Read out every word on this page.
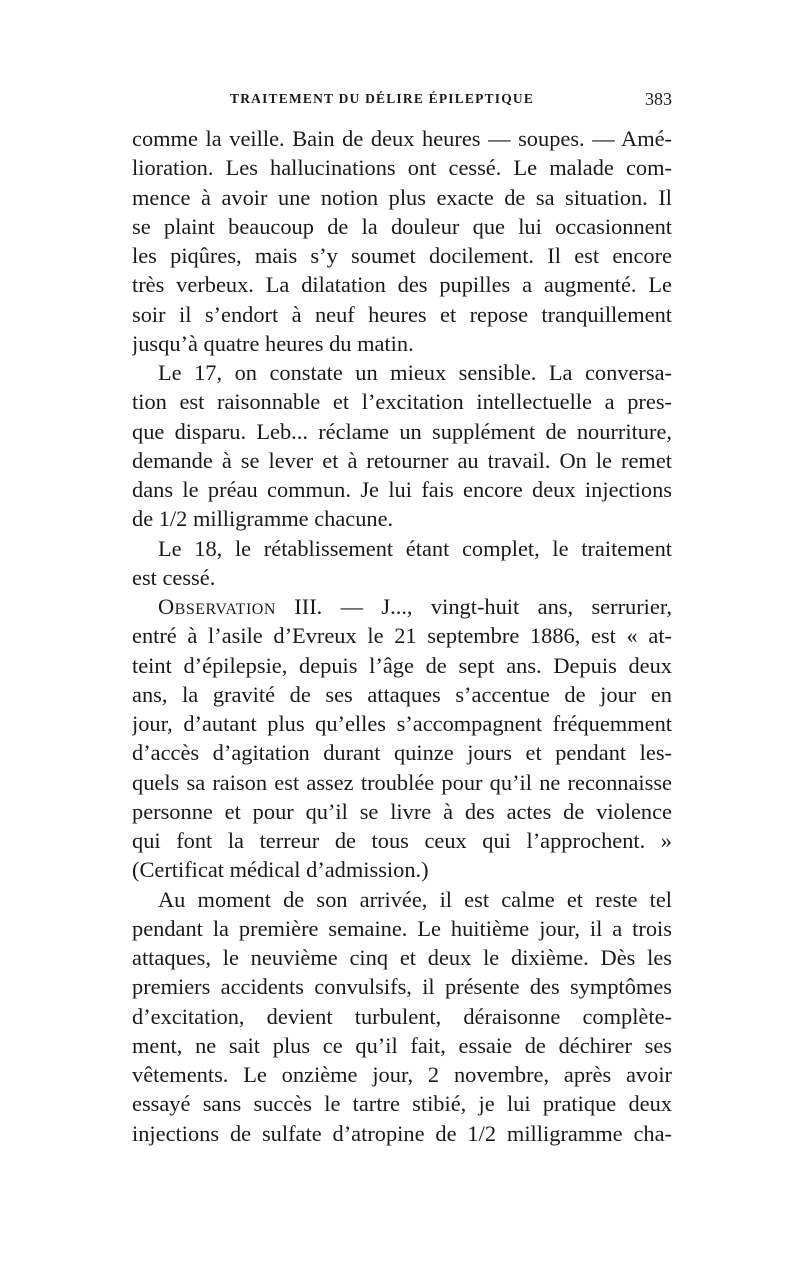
TRAITEMENT DU DÉLIRE ÉPILEPTIQUE	383
comme la veille. Bain de deux heures — soupes. — Amé-
lioration. Les hallucinations ont cessé. Le malade com-
mence à avoir une notion plus exacte de sa situation. Il
se plaint beaucoup de la douleur que lui occasionnent
les piqûres, mais s’y soumet docilement. Il est encore
très verbeux. La dilatation des pupilles a augmenté. Le
soir il s’endort à neuf heures et repose tranquillement
jusqu’à quatre heures du matin.
Le 17, on constate un mieux sensible. La conversa-
tion est raisonnable et l’excitation intellectuelle a pres-
que disparu. Leb... réclame un supplément de nourriture,
demande à se lever et à retourner au travail. On le remet
dans le préau commun. Je lui fais encore deux injections
de 1/2 milligramme chacune.
Le 18, le rétablissement étant complet, le traitement
est cessé.
Observation III. — J..., vingt-huit ans, serrurier,
entré à l’asile d’Evreux le 21 septembre 1886, est « at-
teint d’épilepsie, depuis l’âge de sept ans. Depuis deux
ans, la gravité de ses attaques s’accentue de jour en
jour, d’autant plus qu’elles s’accompagnent fréquemment
d’accès d’agitation durant quinze jours et pendant les-
quels sa raison est assez troublée pour qu’il ne reconnaisse
personne et pour qu’il se livre à des actes de violence
qui font la terreur de tous ceux qui l’approchent. »
(Certificat médical d’admission.)
Au moment de son arrivée, il est calme et reste tel
pendant la première semaine. Le huitième jour, il a trois
attaques, le neuvième cinq et deux le dixième. Dès les
premiers accidents convulsifs, il présente des symptômes
d’excitation, devient turbulent, déraisonne complète-
ment, ne sait plus ce qu’il fait, essaie de déchirer ses
vêtements. Le onzième jour, 2 novembre, après avoir
essayé sans succès le tartre stibié, je lui pratique deux
injections de sulfate d’atropine de 1/2 milligramme cha-
